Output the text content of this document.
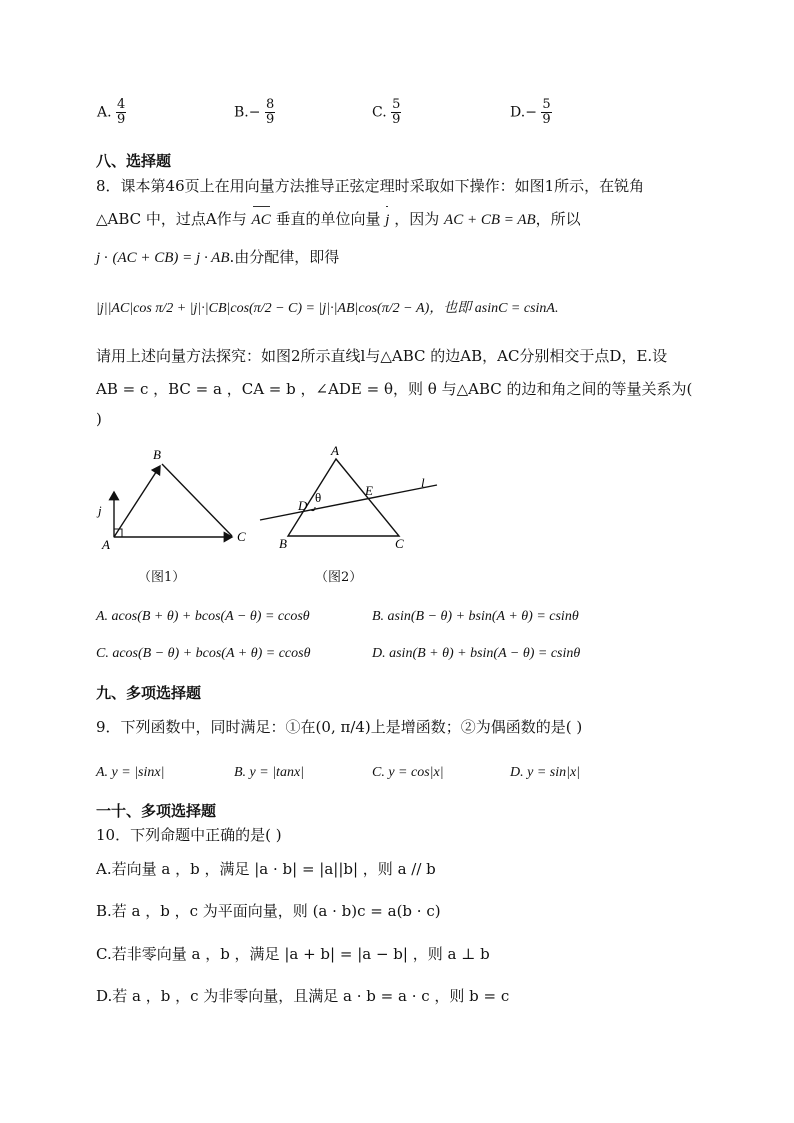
A. $\frac{4}{9}$	$B.- \frac{8}{9}$	C. $\frac{5}{9}$	$D.- \frac{5}{9}$
八、选择题
8．课本第46页上在用向量方法推导正弦定理时采取如下操作：如图1所示，在锐角
△ABC 中，过点A作与 AC 垂直的单位向量 j ，因为 AC + CB = AB，所以
j · (AC + CB) = j · AB.由分配律，即得
|j||AC|cos π/2 + |j|·|CB|cos(π/2 − C) = |j|·|AB|cos(π/2 − A)，也即 asinC = csinA.
请用上述向量方法探究：如图2所示直线l与△ABC 的边AB，AC分别相交于点D，E.设
AB = c ，BC = a ，CA = b ，∠ADE = θ，则 θ 与△ABC 的边和角之间的等量关系为(
)
A
B
C
j
（图1）
A
B	C
D
E
l
θ
（图2）
A. acos(B + θ) + bcos(A − θ) = ccosθ	B. asin(B − θ) + bsin(A + θ) = csinθ
C. acos(B − θ) + bcos(A + θ) = ccosθ	D. asin(B + θ) + bsin(A − θ) = csinθ
九、多项选择题
9．下列函数中，同时满足：①在(0, π/4)上是增函数；②为偶函数的是( )
A. y = |sinx|	B. y = |tanx|	C. y = cos|x|	D. y = sin|x|
一十、多项选择题
10．下列命题中正确的是( )
A.若向量 a ，b ，满足 |a · b| = |a||b| ，则 a // b
B.若 a ，b ，c 为平面向量，则 (a · b)c = a(b · c)
C.若非零向量 a ，b ，满足 |a + b| = |a − b| ，则 a ⊥ b
D.若 a ，b ，c 为非零向量，且满足 a · b = a · c ，则 b = c
